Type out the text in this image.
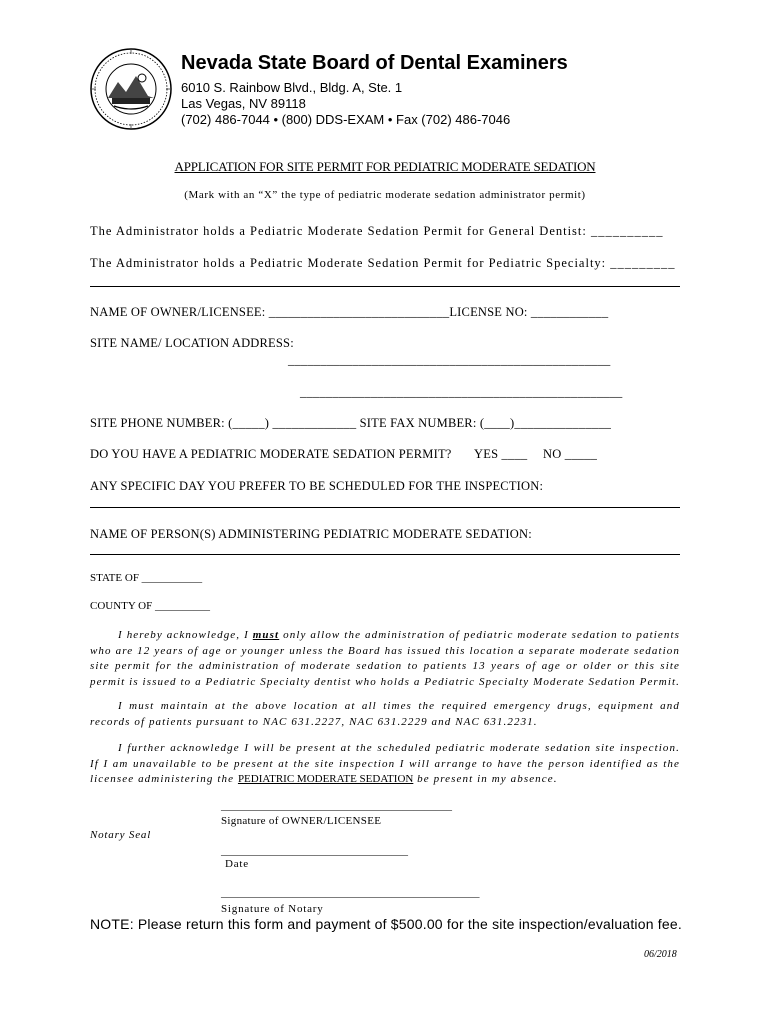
Nevada State Board of Dental Examiners
6010 S. Rainbow Blvd., Bldg. A, Ste. 1
Las Vegas, NV 89118
(702) 486-7044 • (800) DDS-EXAM • Fax (702) 486-7046
APPLICATION FOR SITE PERMIT FOR PEDIATRIC MODERATE SEDATION
(Mark with an “X” the type of pediatric moderate sedation administrator permit)
The Administrator holds a Pediatric Moderate Sedation Permit for General Dentist: __________
The Administrator holds a Pediatric Moderate Sedation Permit for Pediatric Specialty: _________
NAME OF OWNER/LICENSEE: ____________________________LICENSE NO: ____________
SITE NAME/ LOCATION ADDRESS:
__________________________________________________
__________________________________________________
SITE PHONE NUMBER: (_____) _____________ SITE FAX NUMBER: (____)_______________
DO YOU HAVE A PEDIATRIC MODERATE SEDATION PERMIT? YES ____ NO _____
ANY SPECIFIC DAY YOU PREFER TO BE SCHEDULED FOR THE INSPECTION:
NAME OF PERSON(S) ADMINISTERING PEDIATRIC MODERATE SEDATION:
STATE OF ___________
COUNTY OF __________
I hereby acknowledge, I must only allow the administration of pediatric moderate sedation to patients who are 12 years of age or younger unless the Board has issued this location a separate moderate sedation site permit for the administration of moderate sedation to patients 13 years of age or older or this site permit is issued to a Pediatric Specialty dentist who holds a Pediatric Specialty Moderate Sedation Permit.
I must maintain at the above location at all times the required emergency drugs, equipment and records of patients pursuant to NAC 631.2227, NAC 631.2229 and NAC 631.2231.
I further acknowledge I will be present at the scheduled pediatric moderate sedation site inspection. If I am unavailable to be present at the site inspection I will arrange to have the person identified as the licensee administering the PEDIATRIC MODERATE SEDATION be present in my absence.
__________________________________________
Signature of OWNER/LICENSEE
Notary Seal
__________________________________
Date
_______________________________________________
Signature of Notary
NOTE: Please return this form and payment of $500.00 for the site inspection/evaluation fee.
06/2018
